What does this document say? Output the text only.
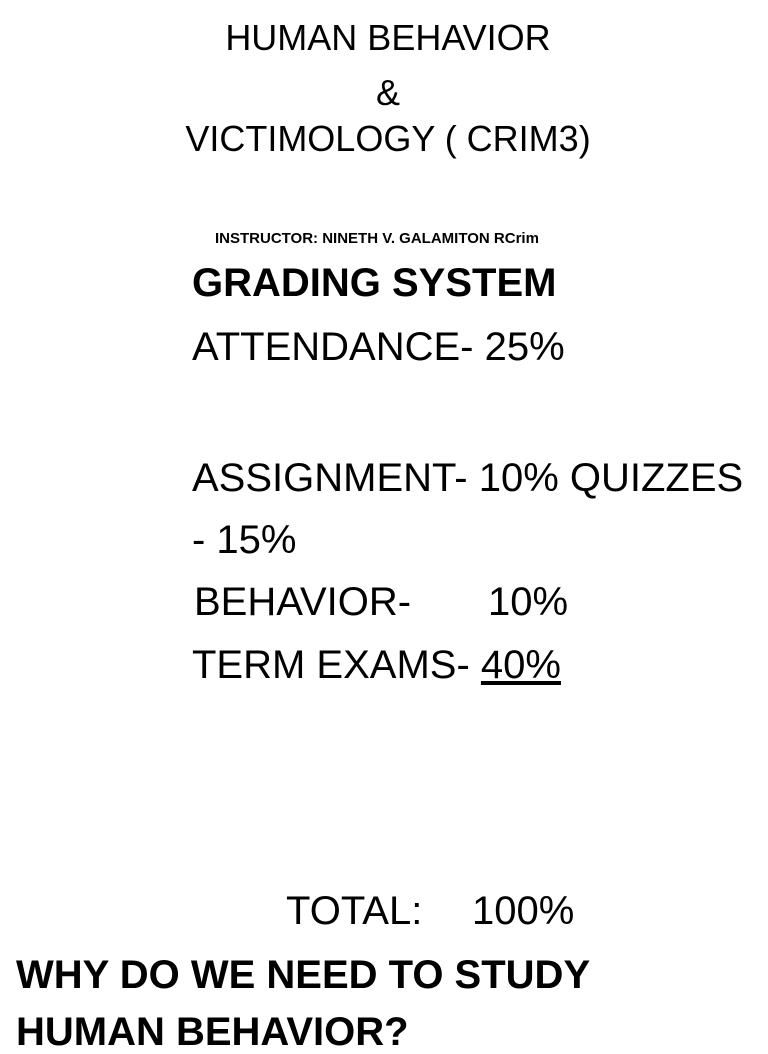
HUMAN BEHAVIOR
&
VICTIMOLOGY ( CRIM3)
INSTRUCTOR: NINETH V. GALAMITON RCrim
GRADING SYSTEM
ATTENDANCE- 25%
ASSIGNMENT- 10% QUIZZES
- 15%
BEHAVIOR- 10%
TERM EXAMS- 40%
TOTAL: 100%
WHY DO WE NEED TO STUDY
HUMAN BEHAVIOR?
